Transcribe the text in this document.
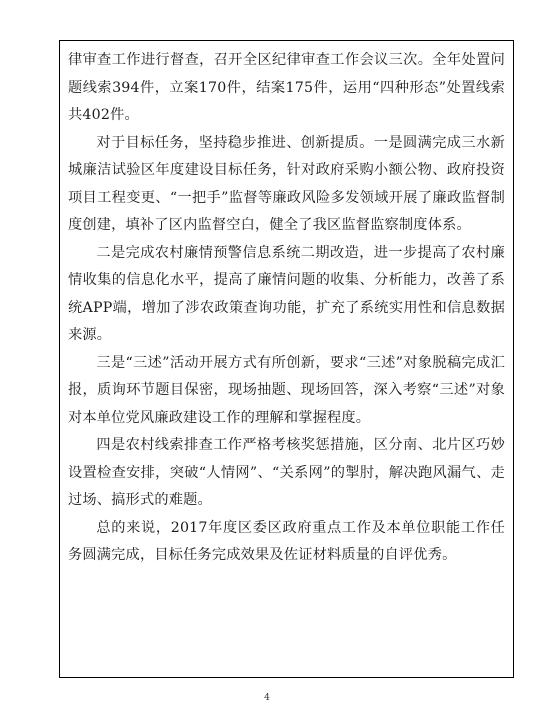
律审查工作进行督查，召开全区纪律审查工作会议三次。全年处置问题线索394件，立案170件，结案175件，运用“四种形态”处置线索共402件。

对于目标任务，坚持稳步推进、创新提质。一是圆满完成三水新城廉洁试验区年度建设目标任务，针对政府采购小额公物、政府投资项目工程变更、“一把手”监督等廉政风险多发领域开展了廉政监督制度创建，填补了区内监督空白，健全了我区监督监察制度体系。

二是完成农村廉情预警信息系统二期改造，进一步提高了农村廉情收集的信息化水平，提高了廉情问题的收集、分析能力，改善了系统APP端，增加了涉农政策查询功能，扩充了系统实用性和信息数据来源。

三是“三述”活动开展方式有所创新，要求“三述”对象脱稿完成汇报，质询环节题目保密，现场抽题、现场回答，深入考察“三述”对象对本单位党风廉政建设工作的理解和掌握程度。

四是农村线索排查工作严格考核奖惩措施，区分南、北片区巧妙设置检查安排，突破“人情网”、“关系网”的掣肘，解决跑风漏气、走过场、搞形式的难题。

总的来说，2017年度区委区政府重点工作及本单位职能工作任务圆满完成，目标任务完成效果及佐证材料质量的自评优秀。

4
